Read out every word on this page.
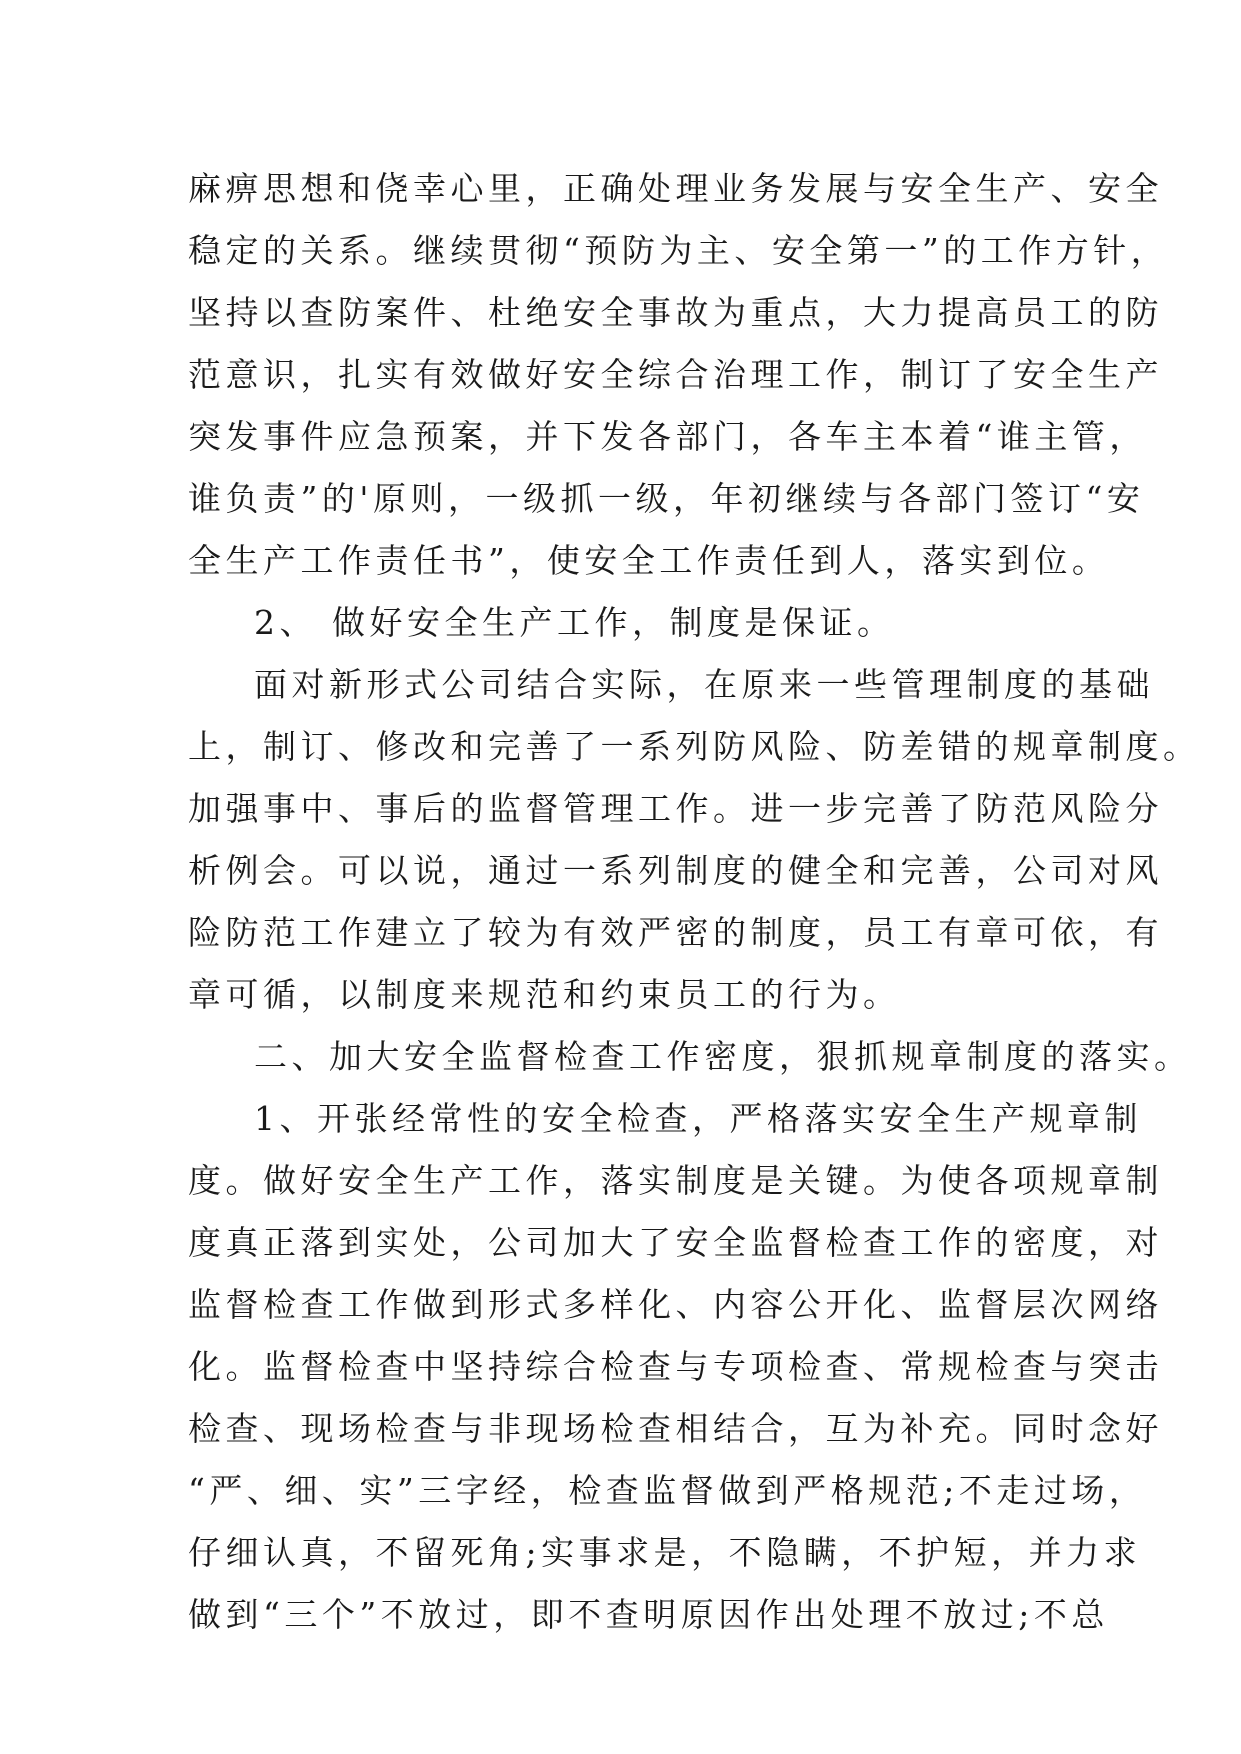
麻痹思想和侥幸心里，正确处理业务发展与安全生产、安全
稳定的关系。继续贯彻“预防为主、安全第一”的工作方针，
坚持以查防案件、杜绝安全事故为重点，大力提高员工的防
范意识，扎实有效做好安全综合治理工作，制订了安全生产
突发事件应急预案，并下发各部门，各车主本着“谁主管，
谁负责”的'原则，一级抓一级，年初继续与各部门签订“安
全生产工作责任书”，使安全工作责任到人，落实到位。
2、 做好安全生产工作，制度是保证。
面对新形式公司结合实际，在原来一些管理制度的基础
上，制订、修改和完善了一系列防风险、防差错的规章制度。
加强事中、事后的监督管理工作。进一步完善了防范风险分
析例会。可以说，通过一系列制度的健全和完善，公司对风
险防范工作建立了较为有效严密的制度，员工有章可依，有
章可循，以制度来规范和约束员工的行为。
二、加大安全监督检查工作密度，狠抓规章制度的落实。
1、开张经常性的安全检查，严格落实安全生产规章制
度。做好安全生产工作，落实制度是关键。为使各项规章制
度真正落到实处，公司加大了安全监督检查工作的密度，对
监督检查工作做到形式多样化、内容公开化、监督层次网络
化。监督检查中坚持综合检查与专项检查、常规检查与突击
检查、现场检查与非现场检查相结合，互为补充。同时念好
“严、细、实”三字经，检查监督做到严格规范;不走过场，
仔细认真，不留死角;实事求是，不隐瞒，不护短，并力求
做到“三个”不放过，即不查明原因作出处理不放过;不总
